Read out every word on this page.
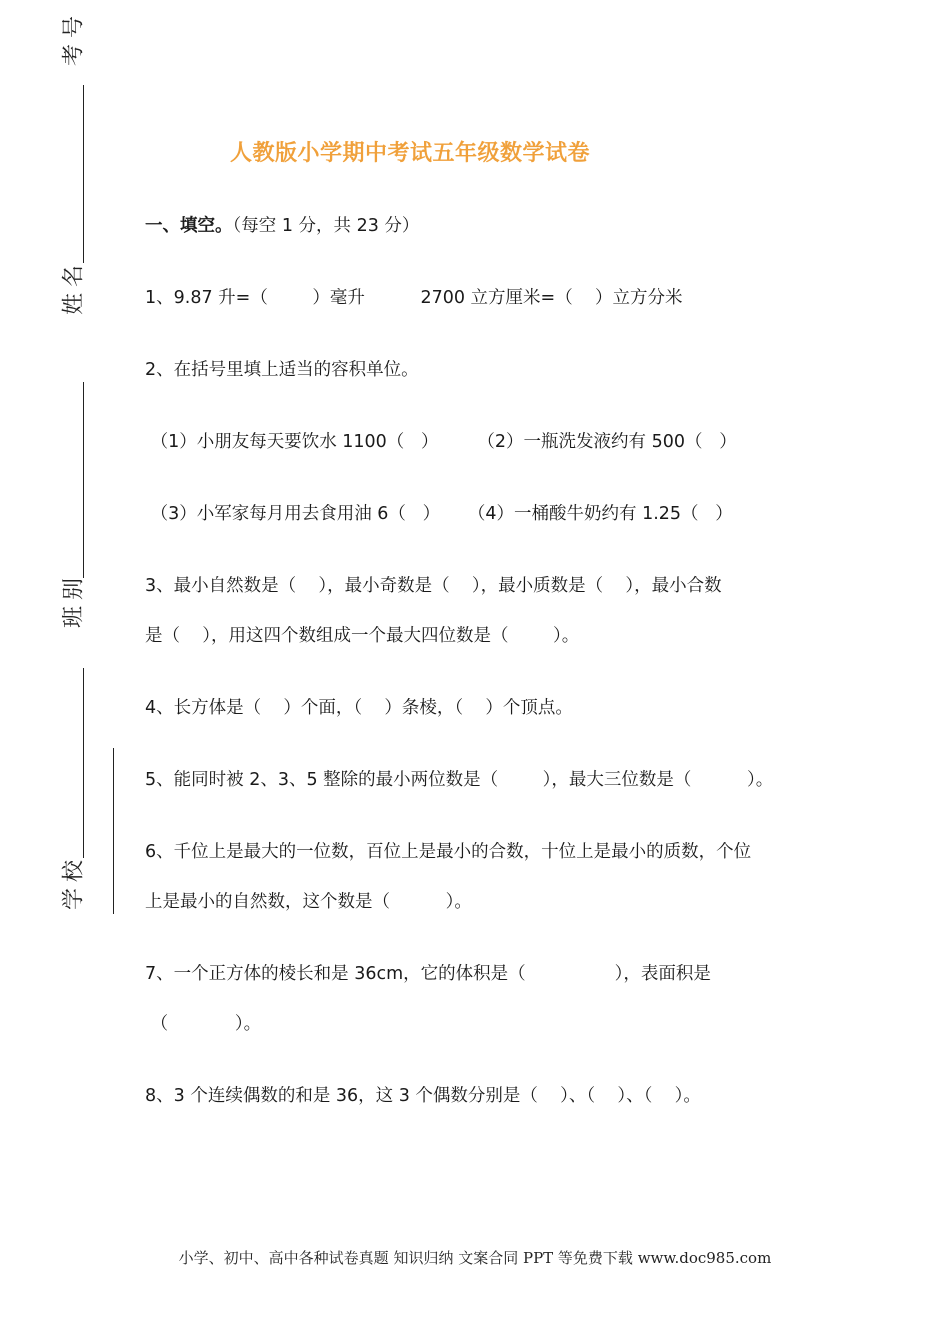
考号
姓名
班别
学校
人教版小学期中考试五年级数学试卷
一、填空。（每空 1 分，共 23 分）
1、9.87 升=（        ）毫升          2700 立方厘米=（    ）立方分米
2、在括号里填上适当的容积单位。
（1）小朋友每天要饮水 1100（   ）       （2）一瓶洗发液约有 500（   ）
（3）小军家每月用去食用油 6（   ）     （4）一桶酸牛奶约有 1.25（   ）
3、最小自然数是（    ），最小奇数是（    ），最小质数是（    ），最小合数
是（    ），用这四个数组成一个最大四位数是（        ）。
4、长方体是（    ）个面，（    ）条棱，（    ）个顶点。
5、能同时被 2、3、5 整除的最小两位数是（        ），最大三位数是（          ）。
6、千位上是最大的一位数，百位上是最小的合数，十位上是最小的质数，个位
上是最小的自然数，这个数是（          ）。
7、一个正方体的棱长和是 36cm，它的体积是（                ），表面积是
（            ）。
8、3 个连续偶数的和是 36，这 3 个偶数分别是（    ）、（    ）、（    ）。
小学、初中、高中各种试卷真题 知识归纳 文案合同 PPT 等免费下载 www.doc985.com
